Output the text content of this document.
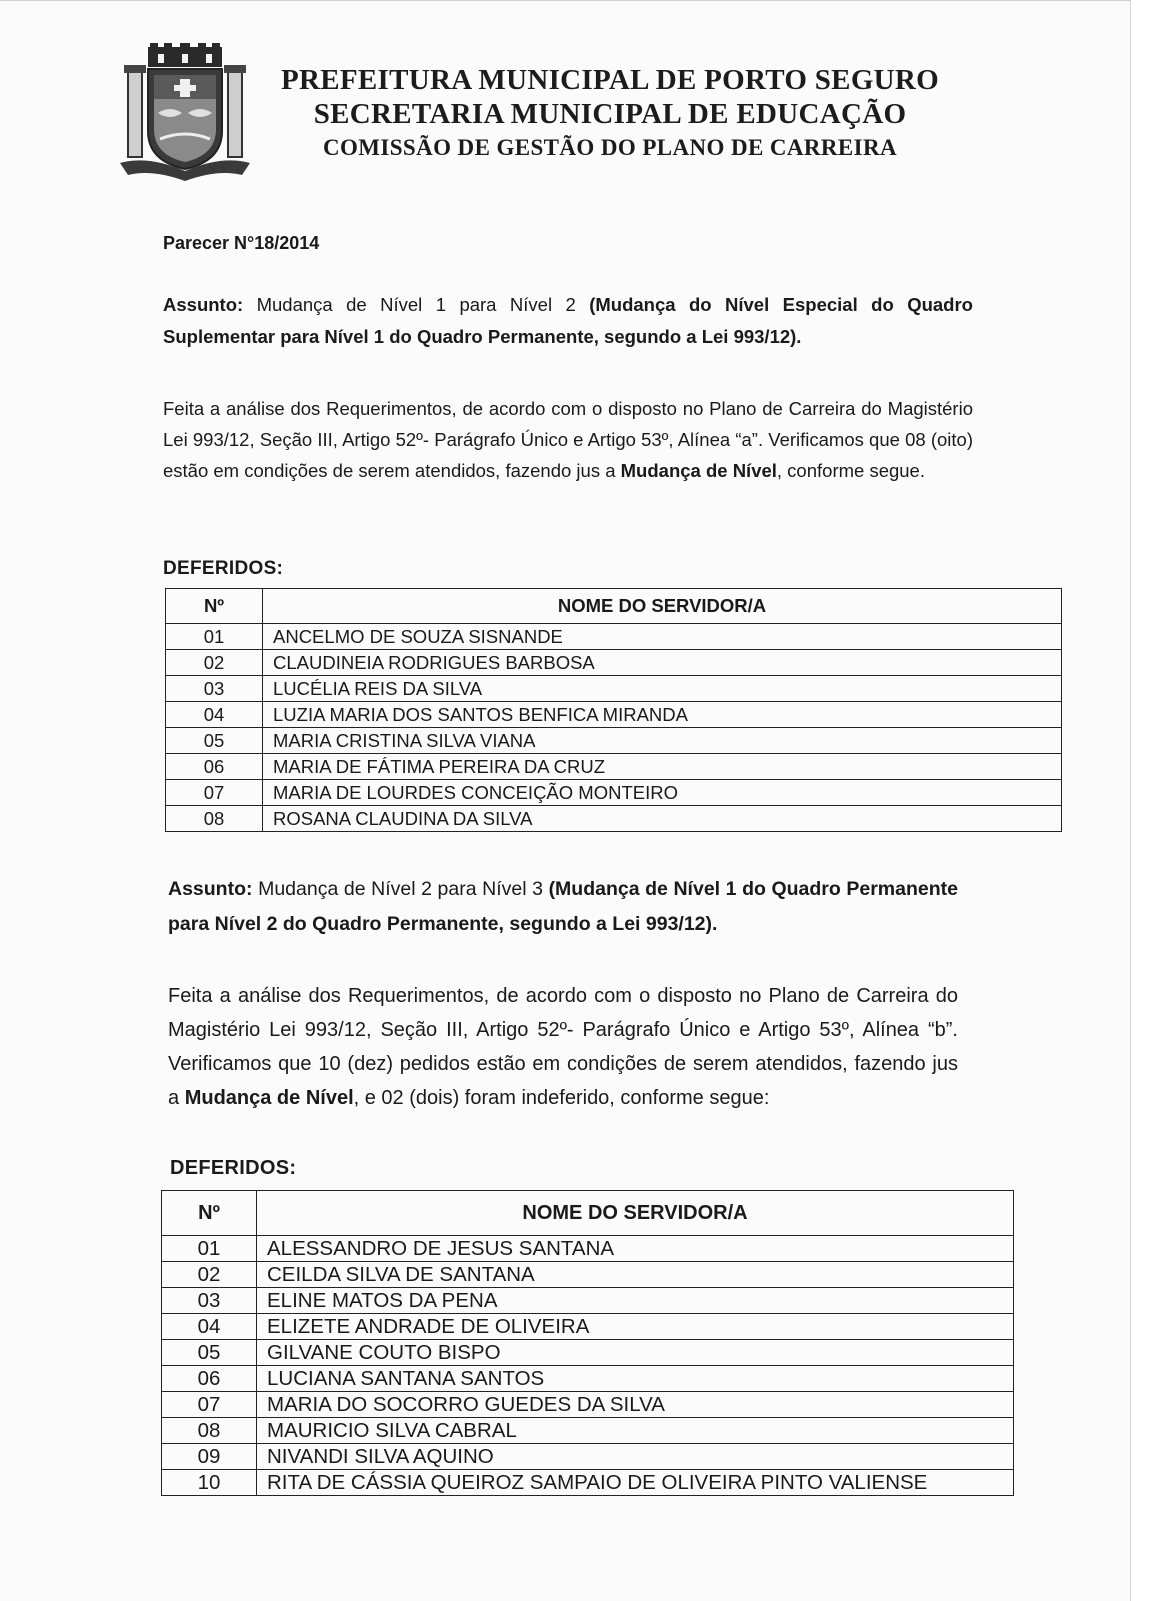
PREFEITURA MUNICIPAL DE PORTO SEGURO
SECRETARIA MUNICIPAL DE EDUCAÇÃO
COMISSÃO DE GESTÃO DO PLANO DE CARREIRA
Parecer N°18/2014
Assunto: Mudança de Nível 1 para Nível 2 (Mudança do Nível Especial do Quadro Suplementar para Nível 1 do Quadro Permanente, segundo a Lei 993/12).
Feita a análise dos Requerimentos, de acordo com o disposto no Plano de Carreira do Magistério Lei 993/12, Seção III, Artigo 52º- Parágrafo Único e Artigo 53º, Alínea “a”. Verificamos que 08 (oito) estão em condições de serem atendidos, fazendo jus a Mudança de Nível, conforme segue.
DEFERIDOS:
Nº	NOME DO SERVIDOR/A
01	ANCELMO DE SOUZA SISNANDE
02	CLAUDINEIA RODRIGUES BARBOSA
03	LUCÉLIA REIS DA SILVA
04	LUZIA MARIA DOS SANTOS BENFICA MIRANDA
05	MARIA CRISTINA SILVA VIANA
06	MARIA DE FÁTIMA PEREIRA DA CRUZ
07	MARIA DE LOURDES CONCEIÇÃO MONTEIRO
08	ROSANA CLAUDINA DA SILVA
Assunto: Mudança de Nível 2 para Nível 3 (Mudança de Nível 1 do Quadro Permanente para Nível 2 do Quadro Permanente, segundo a Lei 993/12).
Feita a análise dos Requerimentos, de acordo com o disposto no Plano de Carreira do Magistério Lei 993/12, Seção III, Artigo 52º- Parágrafo Único e Artigo 53º, Alínea “b”. Verificamos que 10 (dez) pedidos estão em condições de serem atendidos, fazendo jus a Mudança de Nível, e 02 (dois) foram indeferido, conforme segue:
DEFERIDOS:
Nº	NOME DO SERVIDOR/A
01	ALESSANDRO DE JESUS SANTANA
02	CEILDA SILVA DE SANTANA
03	ELINE MATOS DA PENA
04	ELIZETE ANDRADE DE OLIVEIRA
05	GILVANE COUTO BISPO
06	LUCIANA SANTANA SANTOS
07	MARIA DO SOCORRO GUEDES DA SILVA
08	MAURICIO SILVA CABRAL
09	NIVANDI SILVA AQUINO
10	RITA DE CÁSSIA QUEIROZ SAMPAIO DE OLIVEIRA PINTO VALIENSE
